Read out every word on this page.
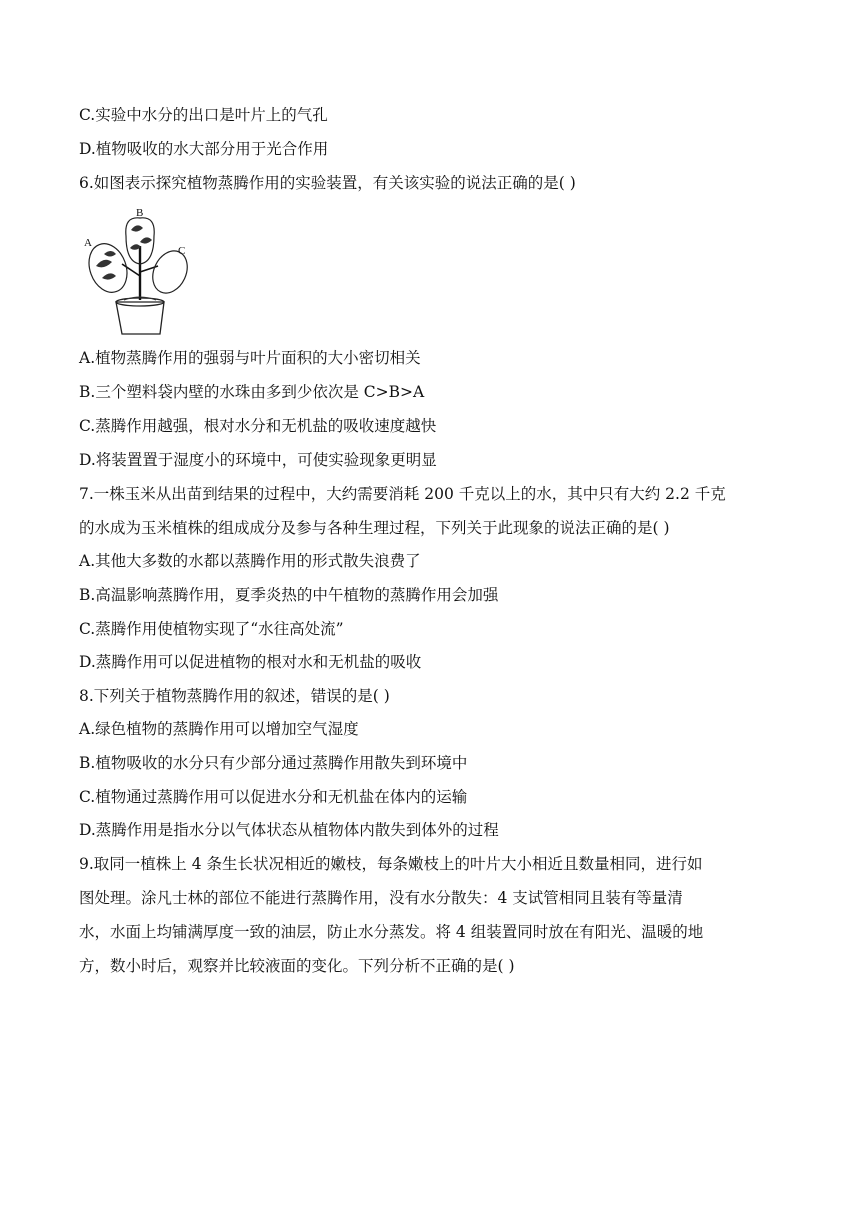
C.实验中水分的出口是叶片上的气孔
D.植物吸收的水大部分用于光合作用
6.如图表示探究植物蒸腾作用的实验装置，有关该实验的说法正确的是( )
A
B
C
A.植物蒸腾作用的强弱与叶片面积的大小密切相关
B.三个塑料袋内壁的水珠由多到少依次是 C>B>A
C.蒸腾作用越强，根对水分和无机盐的吸收速度越快
D.将装置置于湿度小的环境中，可使实验现象更明显
7.一株玉米从出苗到结果的过程中，大约需要消耗 200 千克以上的水，其中只有大约 2.2 千克
的水成为玉米植株的组成成分及参与各种生理过程，下列关于此现象的说法正确的是( )
A.其他大多数的水都以蒸腾作用的形式散失浪费了
B.高温影响蒸腾作用，夏季炎热的中午植物的蒸腾作用会加强
C.蒸腾作用使植物实现了“水往高处流”
D.蒸腾作用可以促进植物的根对水和无机盐的吸收
8.下列关于植物蒸腾作用的叙述，错误的是( )
A.绿色植物的蒸腾作用可以增加空气湿度
B.植物吸收的水分只有少部分通过蒸腾作用散失到环境中
C.植物通过蒸腾作用可以促进水分和无机盐在体内的运输
D.蒸腾作用是指水分以气体状态从植物体内散失到体外的过程
9.取同一植株上 4 条生长状况相近的嫩枝，每条嫩枝上的叶片大小相近且数量相同，进行如
图处理。涂凡士林的部位不能进行蒸腾作用，没有水分散失：4 支试管相同且装有等量清
水，水面上均铺满厚度一致的油层，防止水分蒸发。将 4 组装置同时放在有阳光、温暖的地
方，数小时后，观察并比较液面的变化。下列分析不正确的是( )
